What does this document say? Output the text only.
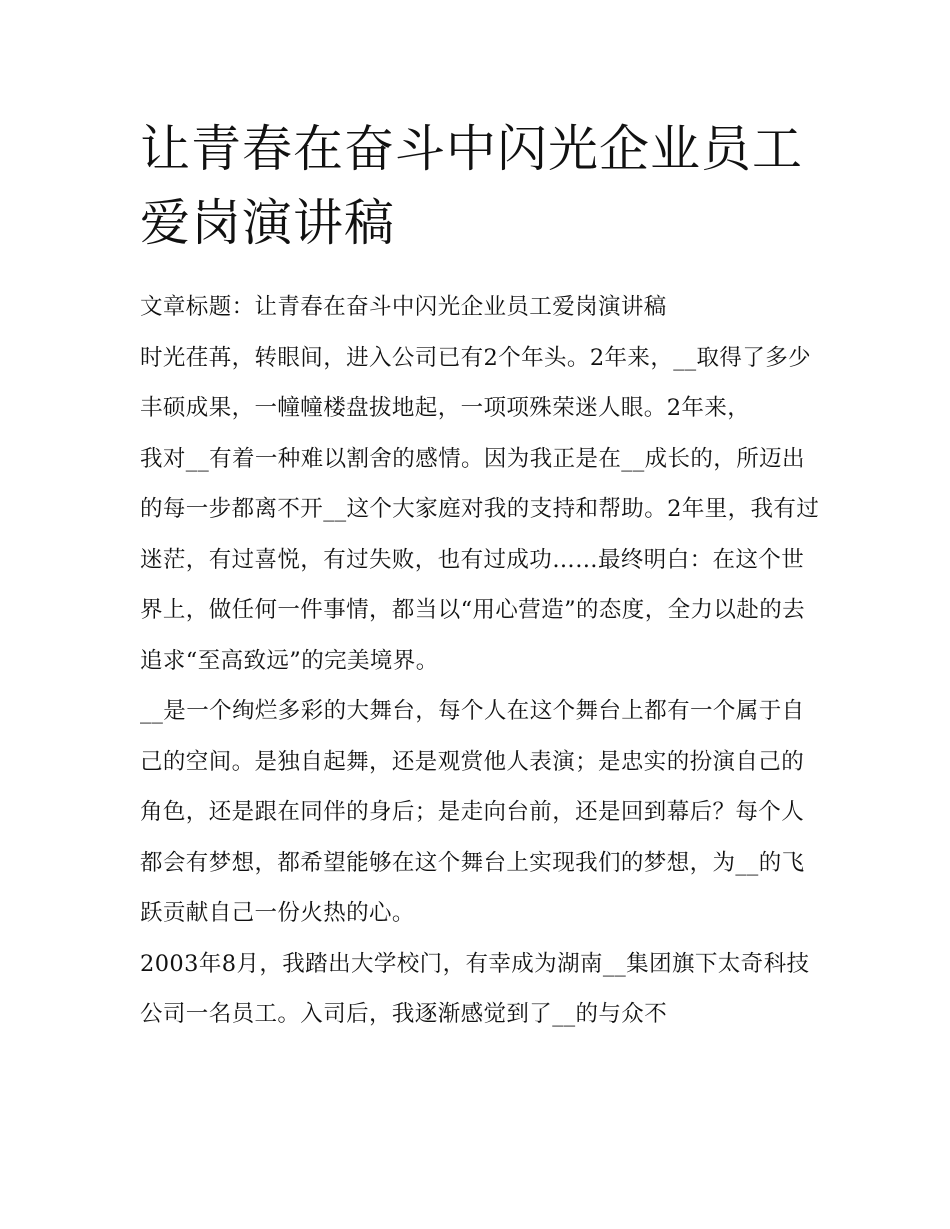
让青春在奋斗中闪光企业员工爱岗演讲稿

文章标题：让青春在奋斗中闪光企业员工爱岗演讲稿

时光荏苒，转眼间，进入公司已有2个年头。2年来，__取得了多少丰硕成果，一幢幢楼盘拔地起，一项项殊荣迷人眼。2年来，

我对__有着一种难以割舍的感情。因为我正是在__成长的，所迈出的每一步都离不开__这个大家庭对我的支持和帮助。2年里，我有过迷茫，有过喜悦，有过失败，也有过成功……最终明白：在这个世界上，做任何一件事情，都当以“用心营造”的态度，全力以赴的去追求“至高致远”的完美境界。

__是一个绚烂多彩的大舞台，每个人在这个舞台上都有一个属于自己的空间。是独自起舞，还是观赏他人表演；是忠实的扮演自己的角色，还是跟在同伴的身后；是走向台前，还是回到幕后？每个人都会有梦想，都希望能够在这个舞台上实现我们的梦想，为__的飞跃贡献自己一份火热的心。

2003年8月，我踏出大学校门，有幸成为湖南__集团旗下太奇科技公司一名员工。入司后，我逐渐感觉到了__的与众不
